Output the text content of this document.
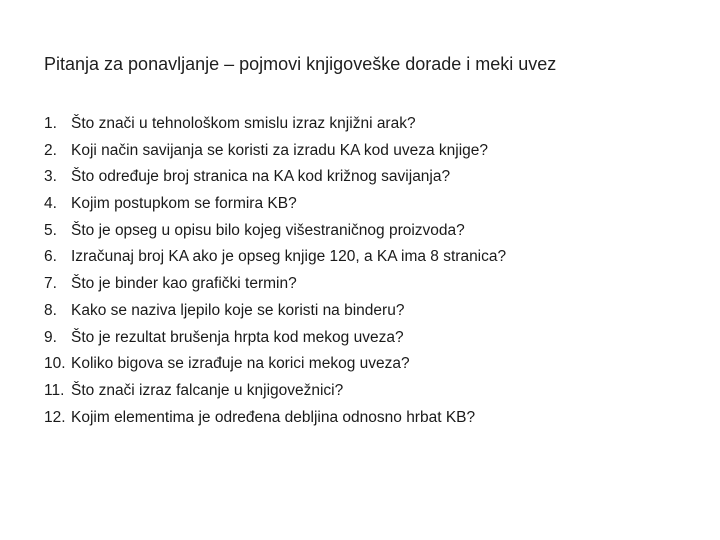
Pitanja za ponavljanje – pojmovi knjigoveške dorade i meki uvez
1. Što znači u tehnološkom smislu izraz knjižni arak?
2. Koji način savijanja se koristi za izradu KA kod uveza knjige?
3. Što određuje broj stranica na KA kod križnog savijanja?
4. Kojim postupkom se formira KB?
5. Što je opseg u opisu bilo kojeg višestraničnog proizvoda?
6. Izračunaj broj KA ako je opseg knjige 120, a KA ima 8 stranica?
7. Što je binder kao grafički termin?
8. Kako se naziva ljepilo koje se koristi na binderu?
9. Što je rezultat brušenja hrpta kod mekog uveza?
10. Koliko bigova se izrađuje na korici mekog uveza?
11. Što znači izraz falcanje u knjigovežnici?
12. Kojim elementima je određena debljina odnosno hrbat KB?
